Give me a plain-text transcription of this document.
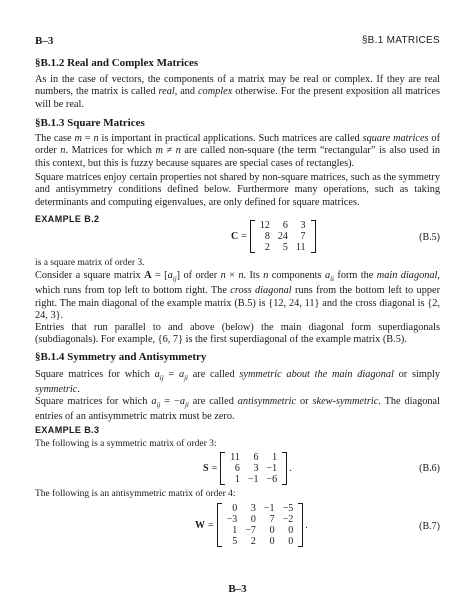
B–3	§B.1 MATRICES
§B.1.2 Real and Complex Matrices
As in the case of vectors, the components of a matrix may be real or complex. If they are real numbers, the matrix is called real, and complex otherwise. For the present exposition all matrices will be real.
§B.1.3 Square Matrices
The case m = n is important in practical applications. Such matrices are called square matrices of order n. Matrices for which m ≠ n are called non-square (the term “rectangular” is also used in this context, but this is fuzzy because squares are special cases of rectangles).
Square matrices enjoy certain properties not shared by non-square matrices, such as the symmetry and antisymmetry conditions defined below. Furthermore many operations, such as taking determinants and computing eigenvalues, are only defined for square matrices.
EXAMPLE B.2
C =
12	6	3
8	24	7
2	5	11
(B.5)
is a square matrix of order 3.
Consider a square matrix $A = [a_{ij}]$ of order n × n. Its n components $a_{ii}$ form the main diagonal, which runs from top left to bottom right. The cross diagonal runs from the bottom left to upper right. The main diagonal of the example matrix (B.5) is {12, 24, 11} and the cross diagonal is {2, 24, 3}.
Entries that run parallel to and above (below) the main diagonal form superdiagonals (subdiagonals). For example, {6, 7} is the first superdiagonal of the example matrix (B.5).
§B.1.4 Symmetry and Antisymmetry
Square matrices for which $a_{ij} = a_{ji}$ are called symmetric about the main diagonal or simply symmetric.
Square matrices for which $a_{ij} = -a_{ji}$ are called antisymmetric or skew-symmetric. The diagonal entries of an antisymmetric matrix must be zero.
EXAMPLE B.3
The following is a symmetric matrix of order 3:
S =
11	6	1
6	3	−1
1	−1	−6
.	(B.6)
The following is an antisymmetric matrix of order 4:
W =
0	3	−1	−5
−3	0	7	−2
1	−7	0	0
5	2	0	0
.	(B.7)
B–3
